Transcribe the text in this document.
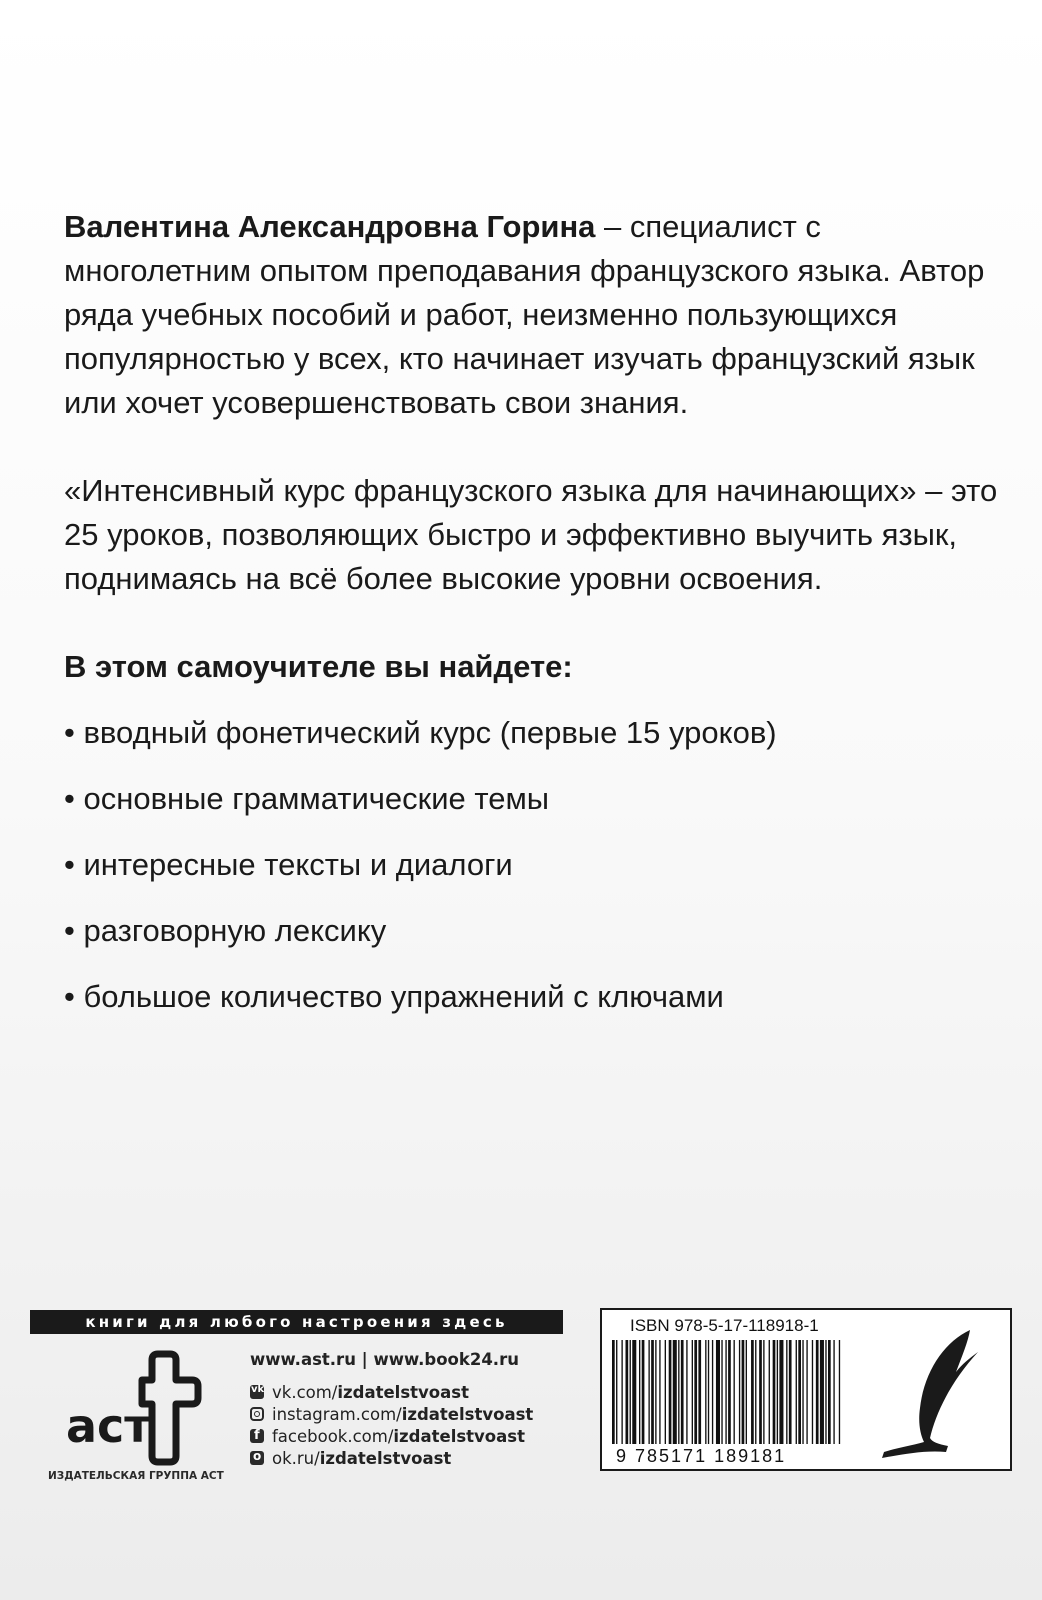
Валентина Александровна Горина – специалист с многолетним опытом преподавания французского языка. Автор ряда учебных пособий и работ, неизменно пользующихся популярностью у всех, кто начинает изучать французский язык или хочет усовершенствовать свои знания.

«Интенсивный курс французского языка для начинающих» – это 25 уроков, позволяющих быстро и эффективно выучить язык, поднимаясь на всё более высокие уровни освоения.

В этом самоучителе вы найдете:

• вводный фонетический курс (первые 15 уроков)
• основные грамматические темы
• интересные тексты и диалоги
• разговорную лексику
• большое количество упражнений с ключами
книги для любого настроения здесь
аст
ИЗДАТЕЛЬСКАЯ ГРУППА АСТ
www.ast.ru | www.book24.ru
vk
vk.com/ izdatelstvoast
instagram.com/ izdatelstvoast
f
facebook.com/ izdatelstvoast
o
ok.ru/ izdatelstvoast
ISBN 978-5-17-118918-1
9 785171 189181
